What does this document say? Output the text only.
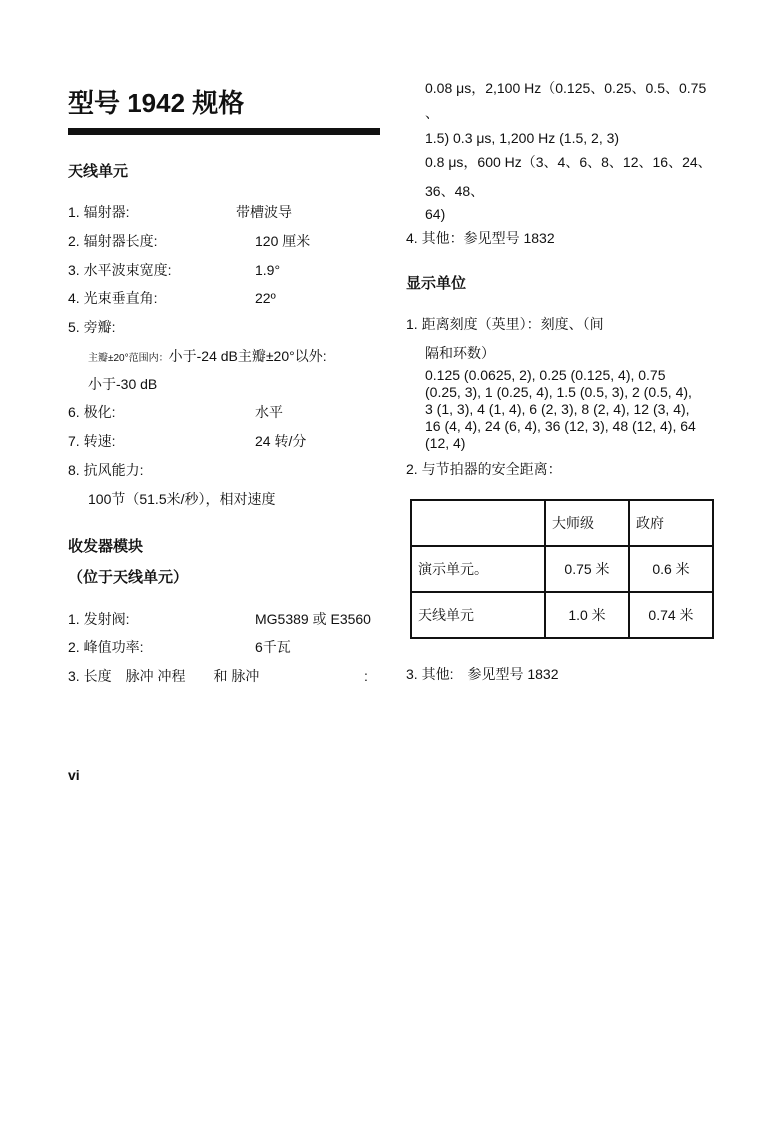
型号 1942 规格
天线单元
主瓣±20°范围内：小于-24 dB主瓣±20°以外:
小于-30 dB
100节（51.5米/秒），相对速度
收发器模块
（位于天线单元）
4. 其他：参见型号 1832
显示单位
1. 距离刻度（英里）：刻度、（间
隔和环数）
2. 与节拍器的安全距离：
	大师级	政府
演示单元。	0.75 米	0.6 米
天线单元	1.0 米	0.74 米
3. 其他:　参见型号 1832
vi
1. 辐射器:	带槽波导
2. 辐射器长度:	120 厘米
3. 水平波束宽度:	1.9°
4. 光束垂直角:	22º
5. 旁瓣:
6. 极化:	水平
7. 转速:	24 转/分
8. 抗风能力:
1. 发射阀:	MG5389 或 E3560
2. 峰值功率:	6千瓦
3. 长度　脉冲 冲程　　和 脉冲	:
0.08 μs，2,100 Hz（0.125、0.25、0.5、0.75
、
1.5) 0.3 μs, 1,200 Hz (1.5, 2, 3)
0.8 μs，600 Hz（3、4、6、8、12、16、24、
36、48、
64)
0.125 (0.0625, 2), 0.25 (0.125, 4), 0.75
(0.25, 3), 1 (0.25, 4), 1.5 (0.5, 3), 2 (0.5, 4),
3 (1, 3), 4 (1, 4), 6 (2, 3), 8 (2, 4), 12 (3, 4),
16 (4, 4), 24 (6, 4), 36 (12, 3), 48 (12, 4), 64
(12, 4)
